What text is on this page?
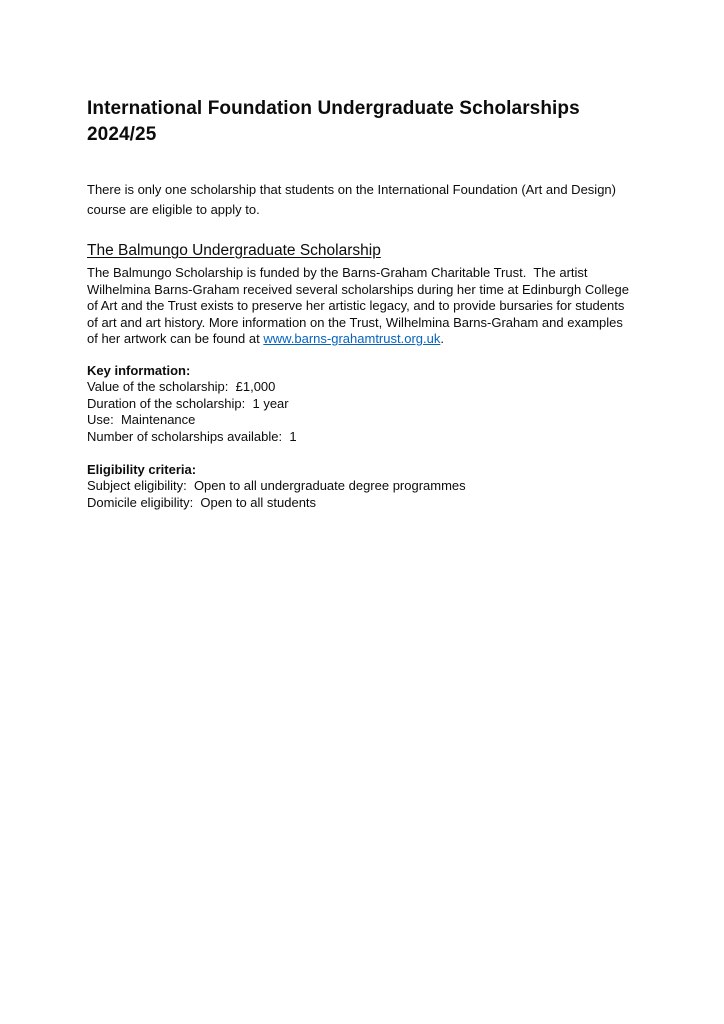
International Foundation Undergraduate Scholarships 2024/25

There is only one scholarship that students on the International Foundation (Art and Design) course are eligible to apply to.

The Balmungo Undergraduate Scholarship

The Balmungo Scholarship is funded by the Barns-Graham Charitable Trust.  The artist Wilhelmina Barns-Graham received several scholarships during her time at Edinburgh College of Art and the Trust exists to preserve her artistic legacy, and to provide bursaries for students of art and art history. More information on the Trust, Wilhelmina Barns-Graham and examples of her artwork can be found at www.barns-grahamtrust.org.uk.

Key information:
Value of the scholarship:  £1,000
Duration of the scholarship:  1 year
Use:  Maintenance
Number of scholarships available:  1
Eligibility criteria:
Subject eligibility:  Open to all undergraduate degree programmes
Domicile eligibility:  Open to all students
